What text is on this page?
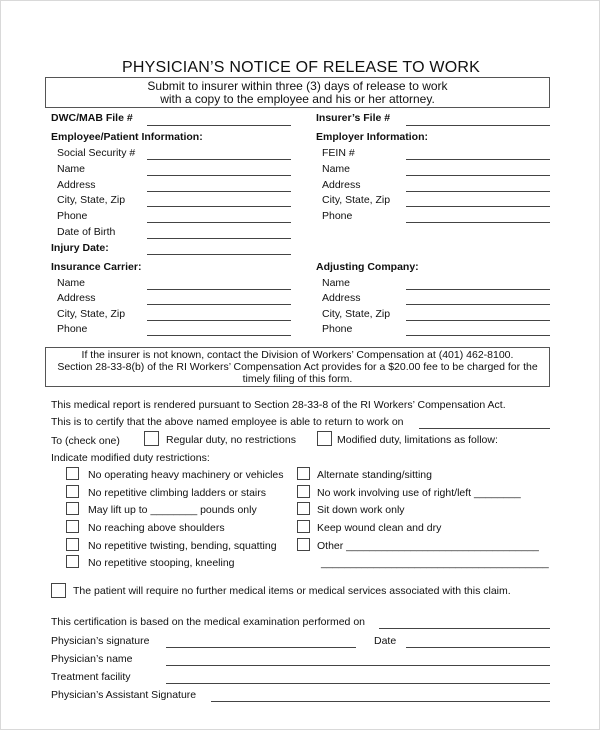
PHYSICIAN’S NOTICE OF RELEASE TO WORK
Submit to insurer within three (3) days of release to work
with a copy to the employee and his or her attorney.
DWC/MAB File #
Employee/Patient Information:
Social Security #
Name
Address
City, State, Zip
Phone
Date of Birth
Injury Date:
Insurance Carrier:
Name
Address
City, State, Zip
Phone
Insurer’s File #
Employer Information:
FEIN #
Name
Address
City, State, Zip
Phone
Adjusting Company:
Name
Address
City, State, Zip
Phone
If the insurer is not known, contact the Division of Workers’ Compensation at (401) 462-8100.
Section 28-33-8(b) of the RI Workers’ Compensation Act provides for a $20.00 fee to be charged for the
timely filing of this form.
This medical report is rendered pursuant to Section 28-33-8 of the RI Workers’ Compensation Act.
This is to certify that the above named employee is able to return to work on
To (check one)	Regular duty, no restrictions	Modified duty, limitations as follow:
Indicate modified duty restrictions:
No operating heavy machinery or vehicles
No repetitive climbing ladders or stairs
May lift up to ________ pounds only
No reaching above shoulders
No repetitive twisting, bending, squatting
No repetitive stooping, kneeling
Alternate standing/sitting
No work involving use of right/left ________
Sit down work only
Keep wound clean and dry
Other _________________________________
_______________________________________
The patient will require no further medical items or medical services associated with this claim.
This certification is based on the medical examination performed on
Physician’s signature	Date
Physician’s name
Treatment facility
Physician’s Assistant Signature
